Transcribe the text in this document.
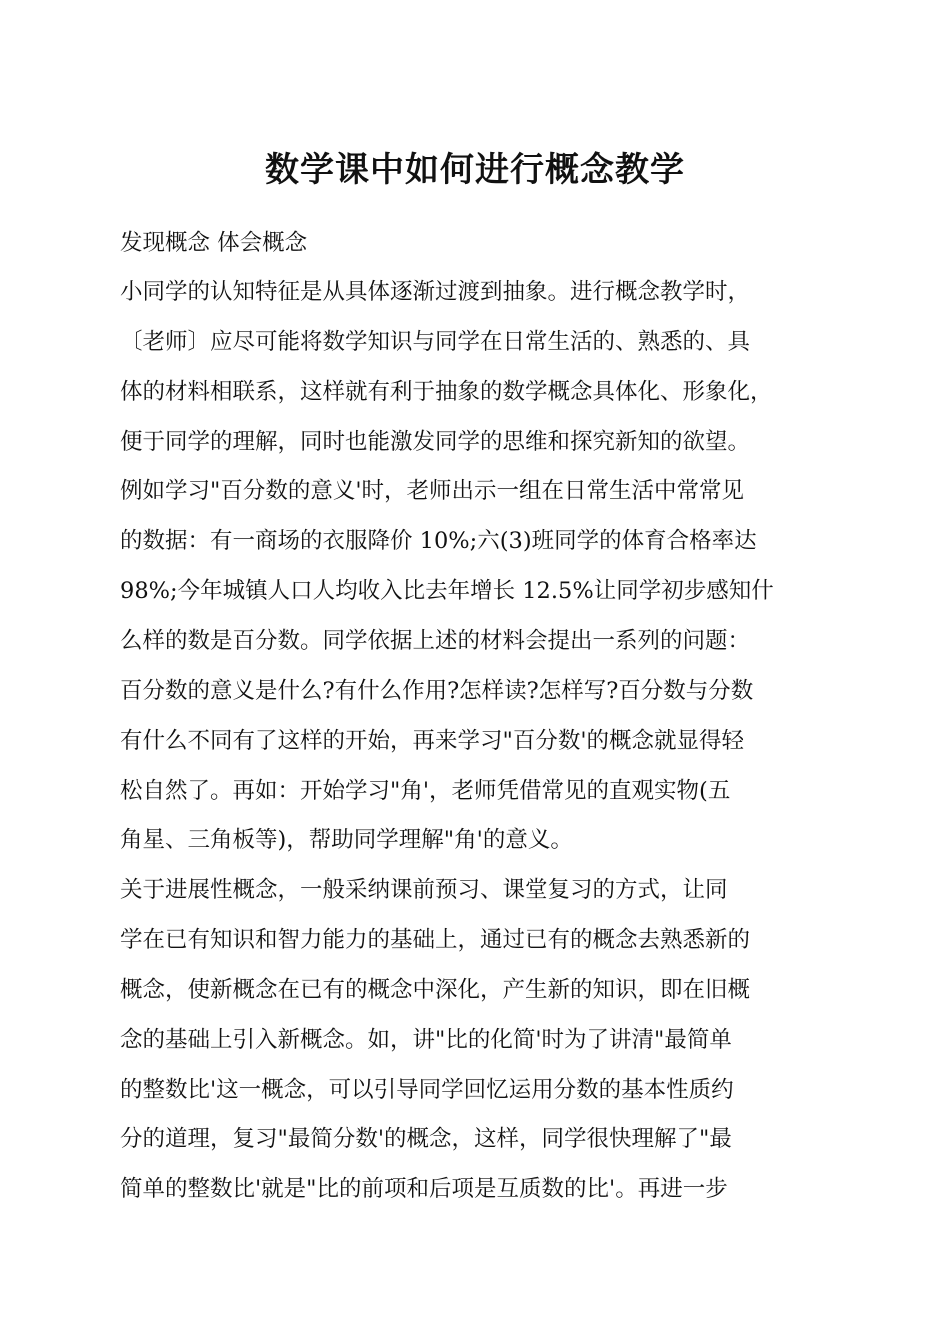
数学课中如何进行概念教学
发现概念 体会概念
小同学的认知特征是从具体逐渐过渡到抽象。进行概念教学时，
〔老师〕应尽可能将数学知识与同学在日常生活的、熟悉的、具
体的材料相联系，这样就有利于抽象的数学概念具体化、形象化，
便于同学的理解，同时也能激发同学的思维和探究新知的欲望。
例如学习"百分数的意义'时，老师出示一组在日常生活中常常见
的数据：有一商场的衣服降价 10%;六(3)班同学的体育合格率达
98%;今年城镇人口人均收入比去年增长 12.5%让同学初步感知什
么样的数是百分数。同学依据上述的材料会提出一系列的问题：
百分数的意义是什么?有什么作用?怎样读?怎样写?百分数与分数
有什么不同有了这样的开始，再来学习"百分数'的概念就显得轻
松自然了。再如：开始学习"角'，老师凭借常见的直观实物(五
角星、三角板等)，帮助同学理解"角'的意义。
关于进展性概念，一般采纳课前预习、课堂复习的方式，让同
学在已有知识和智力能力的基础上，通过已有的概念去熟悉新的
概念，使新概念在已有的概念中深化，产生新的知识，即在旧概
念的基础上引入新概念。如，讲"比的化简'时为了讲清"最简单
的整数比'这一概念，可以引导同学回忆运用分数的基本性质约
分的道理，复习"最简分数'的概念，这样，同学很快理解了"最
简单的整数比'就是"比的前项和后项是互质数的比'。再进一步
